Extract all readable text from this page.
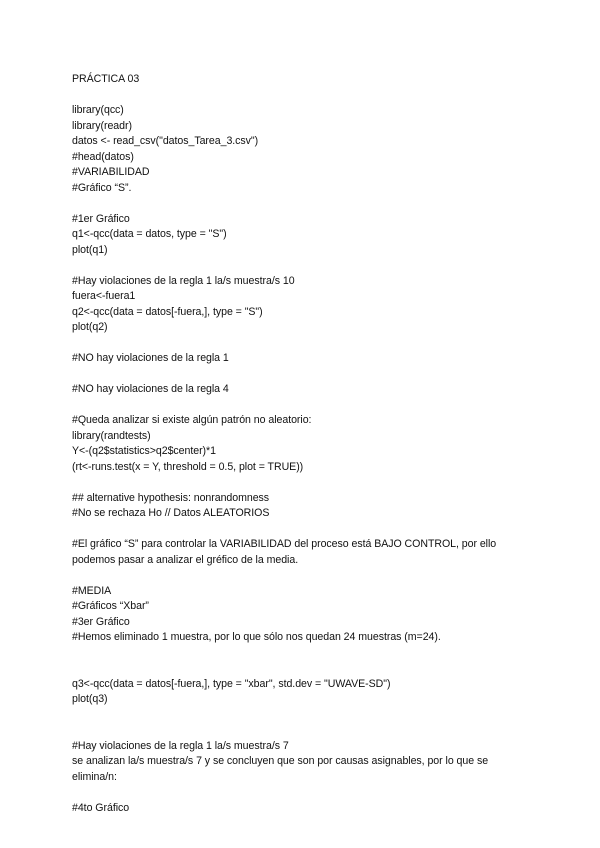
PRÁCTICA 03
library(qcc)
library(readr)
datos <- read_csv("datos_Tarea_3.csv")
#head(datos)
#VARIABILIDAD
#Gráfico “S”.
#1er Gráfico
q1<-qcc(data = datos, type = "S")
plot(q1)
#Hay violaciones de la regla 1 la/s muestra/s 10
fuera<-fuera1
q2<-qcc(data = datos[-fuera,], type = "S")
plot(q2)
#NO hay violaciones de la regla 1
#NO hay violaciones de la regla 4
#Queda analizar si existe algún patrón no aleatorio:
library(randtests)
Y<-(q2$statistics>q2$center)*1
(rt<-runs.test(x = Y, threshold = 0.5, plot = TRUE))
## alternative hypothesis: nonrandomness
#No se rechaza Ho // Datos ALEATORIOS
#El gráfico “S” para controlar la VARIABILIDAD del proceso está BAJO CONTROL, por ello
podemos pasar a analizar el gréfico de la media.
#MEDIA
#Gráficos “Xbar”
#3er Gráfico
#Hemos eliminado 1 muestra, por lo que sólo nos quedan 24 muestras (m=24).
q3<-qcc(data = datos[-fuera,], type = "xbar", std.dev = "UWAVE-SD")
plot(q3)
#Hay violaciones de la regla 1 la/s muestra/s 7
se analizan la/s muestra/s 7 y se concluyen que son por causas asignables, por lo que se
elimina/n:
#4to Gráfico
